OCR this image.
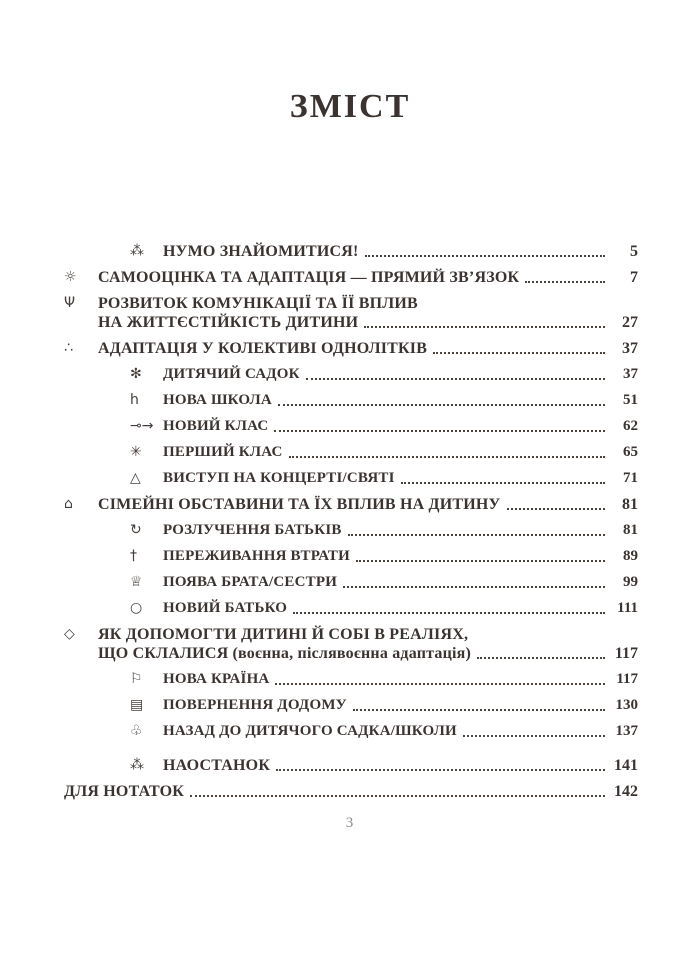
ЗМІСТ
⁂	НУМО ЗНАЙОМИТИСЯ!	5
☼	САМООЦІНКА ТА АДАПТАЦІЯ — ПРЯМИЙ ЗВ’ЯЗОК	7
Ψ	РОЗВИТОК КОМУНІКАЦІЇ ТА ЇЇ ВПЛИВ
НА ЖИТТЄСТІЙКІСТЬ ДИТИНИ	27
∴	АДАПТАЦІЯ У КОЛЕКТИВІ ОДНОЛІТКІВ	37
✻	ДИТЯЧИЙ САДОК	37
h	НОВА ШКОЛА	51
⊸→ НОВИЙ КЛАС	62
✳	ПЕРШИЙ КЛАС	65
△	ВИСТУП НА КОНЦЕРТІ/СВЯТІ	71
⌂	СІМЕЙНІ ОБСТАВИНИ ТА ЇХ ВПЛИВ НА ДИТИНУ	81
↻	РОЗЛУЧЕННЯ БАТЬКІВ	81
†	ПЕРЕЖИВАННЯ ВТРАТИ	89
♕	ПОЯВА БРАТА/СЕСТРИ	99
○	НОВИЙ БАТЬКО	111
◇	ЯК ДОПОМОГТИ ДИТИНІ Й СОБІ В РЕАЛІЯХ,
ЩО СКЛАЛИСЯ (воєнна, післявоєнна адаптація)	117
⚐	НОВА КРАЇНА	117
▤	ПОВЕРНЕННЯ ДОДОМУ	130
♧	НАЗАД ДО ДИТЯЧОГО САДКА/ШКОЛИ	137
⁂	НАОСТАНОК	141
ДЛЯ НОТАТОК	142
3
